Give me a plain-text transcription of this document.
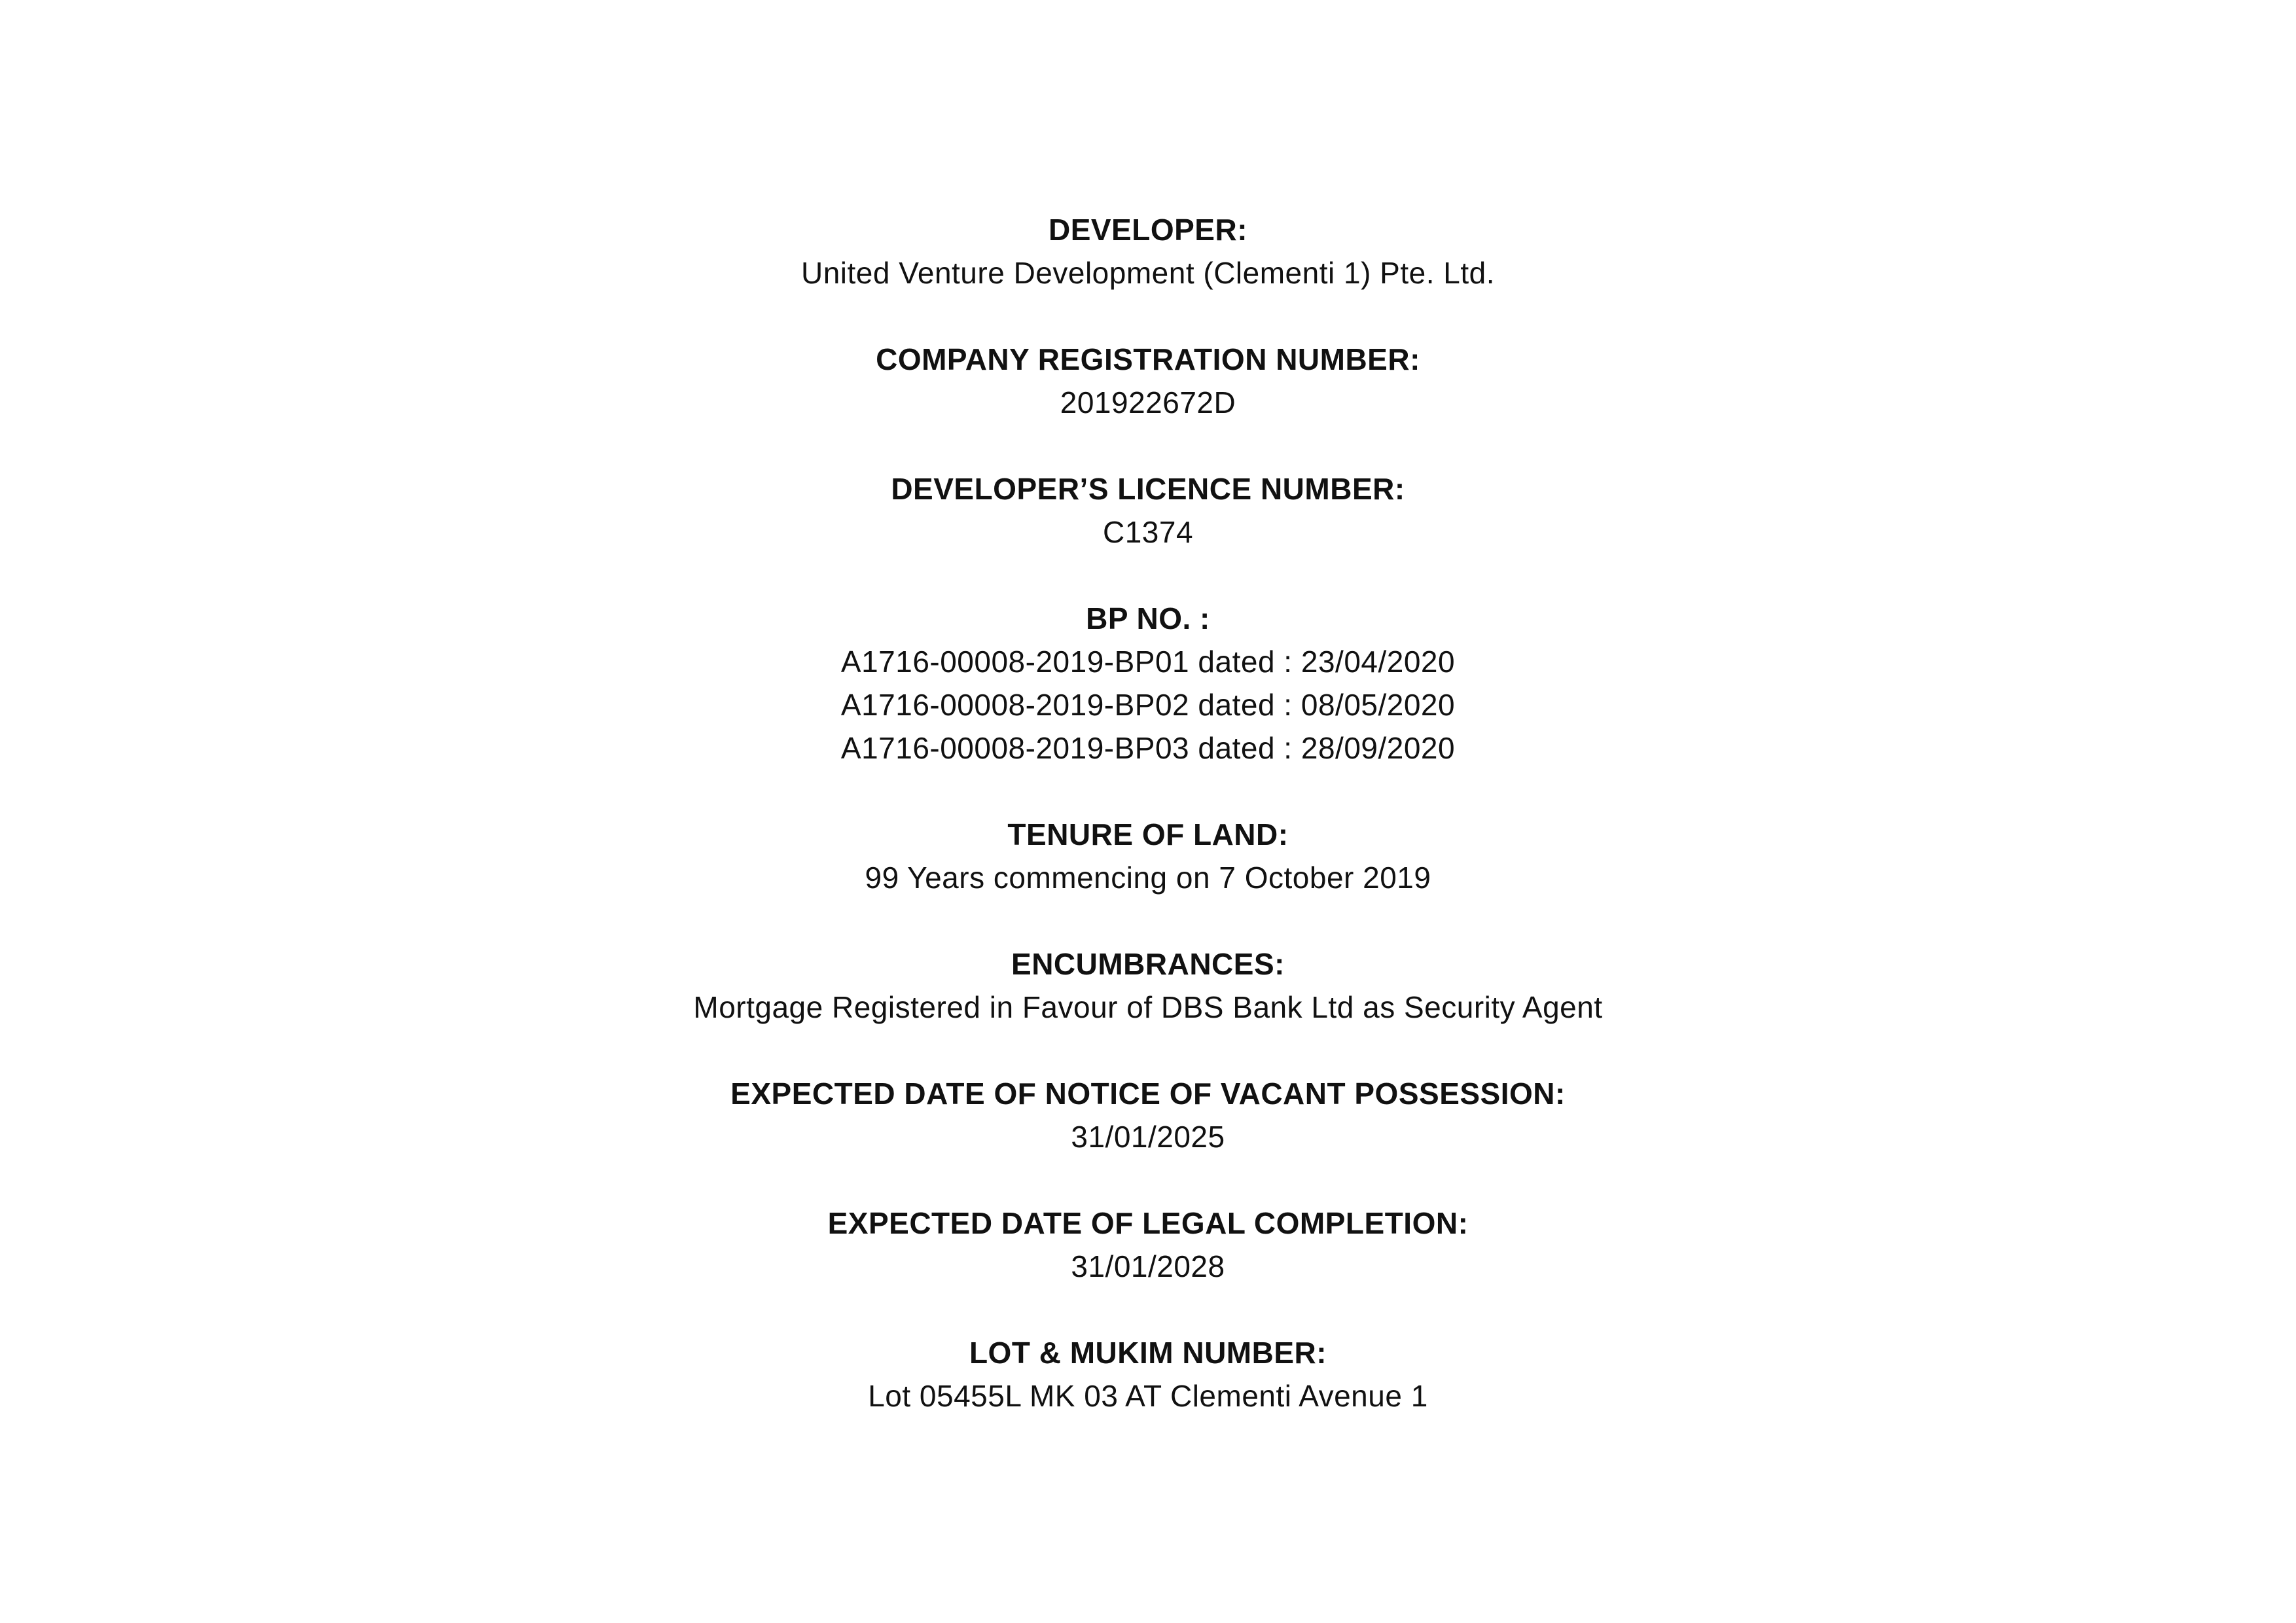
DEVELOPER:
United Venture Development (Clementi 1) Pte. Ltd.
COMPANY REGISTRATION NUMBER:
201922672D
DEVELOPER’S LICENCE NUMBER:
C1374
BP NO. :
A1716-00008-2019-BP01 dated : 23/04/2020
A1716-00008-2019-BP02 dated : 08/05/2020
A1716-00008-2019-BP03 dated : 28/09/2020
TENURE OF LAND:
99 Years commencing on 7 October 2019
ENCUMBRANCES:
Mortgage Registered in Favour of DBS Bank Ltd as Security Agent
EXPECTED DATE OF NOTICE OF VACANT POSSESSION:
31/01/2025
EXPECTED DATE OF LEGAL COMPLETION:
31/01/2028
LOT & MUKIM NUMBER:
Lot 05455L MK 03 AT Clementi Avenue 1
